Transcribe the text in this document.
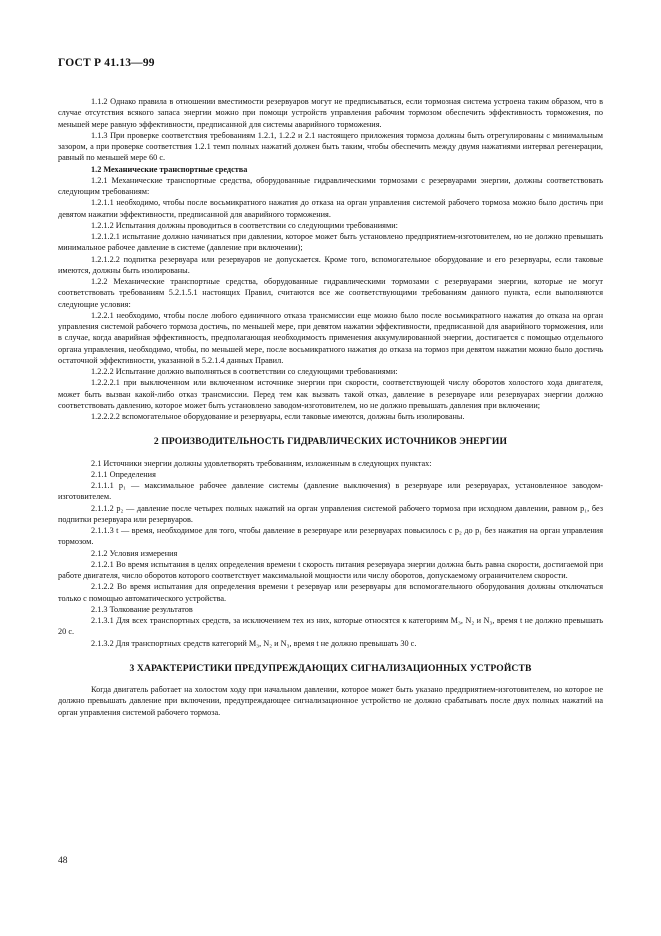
ГОСТ Р 41.13—99

1.1.2 Однако правила в отношении вместимости резервуаров могут не предписываться, если тормозная система устроена таким образом, что в случае отсутствия всякого запаса энергии можно при помощи устройств управления рабочим тормозом обеспечить эффективность торможения, по меньшей мере равную эффективности, предписанной для системы аварийного торможения.

1.1.3 При проверке соответствия требованиям 1.2.1, 1.2.2 и 2.1 настоящего приложения тормоза должны быть отрегулированы с минимальным зазором, а при проверке соответствия 1.2.1 темп полных нажатий должен быть таким, чтобы обеспечить между двумя нажатиями интервал регенерации, равный по меньшей мере 60 с.

1.2 Механические транспортные средства

1.2.1 Механические транспортные средства, оборудованные гидравлическими тормозами с резервуарами энергии, должны соответствовать следующим требованиям:

1.2.1.1 необходимо, чтобы после восьмикратного нажатия до отказа на орган управления системой рабочего тормоза можно было достичь при девятом нажатии эффективности, предписанной для аварийного торможения.

1.2.1.2 Испытания должны проводиться в соответствии со следующими требованиями:

1.2.1.2.1 испытание должно начинаться при давлении, которое может быть установлено предприятием-изготовителем, но не должно превышать минимальное рабочее давление в системе (давление при включении);

1.2.1.2.2 подпитка резервуара или резервуаров не допускается. Кроме того, вспомогательное оборудование и его резервуары, если таковые имеются, должны быть изолированы.

1.2.2 Механические транспортные средства, оборудованные гидравлическими тормозами с резервуарами энергии, которые не могут соответствовать требованиям 5.2.1.5.1 настоящих Правил, считаются все же соответствующими требованиям данного пункта, если выполняются следующие условия:

1.2.2.1 необходимо, чтобы после любого единичного отказа трансмиссии еще можно было после восьмикратного нажатия до отказа на орган управления системой рабочего тормоза достичь, по меньшей мере, при девятом нажатии эффективности, предписанной для аварийного торможения, или в случае, когда аварийная эффективность, предполагающая необходимость применения аккумулированной энергии, достигается с помощью отдельного органа управления, необходимо, чтобы, по меньшей мере, после восьмикратного нажатия до отказа на тормоз при девятом нажатии можно было достичь остаточной эффективности, указанной в 5.2.1.4 данных Правил.

1.2.2.2 Испытание должно выполняться в соответствии со следующими требованиями:

1.2.2.2.1 при выключенном или включенном источнике энергии при скорости, соответствующей числу оборотов холостого хода двигателя, может быть вызван какой-либо отказ трансмиссии. Перед тем как вызвать такой отказ, давление в резервуаре или резервуарах энергии должно соответствовать давлению, которое может быть установлено заводом-изготовителем, но не должно превышать давления при включении;

1.2.2.2.2 вспомогательное оборудование и резервуары, если таковые имеются, должны быть изолированы.

2 ПРОИЗВОДИТЕЛЬНОСТЬ ГИДРАВЛИЧЕСКИХ ИСТОЧНИКОВ ЭНЕРГИИ

2.1 Источники энергии должны удовлетворять требованиям, изложенным в следующих пунктах:

2.1.1 Определения

2.1.1.1 p₁ — максимальное рабочее давление системы (давление выключения) в резервуаре или резервуарах, установленное заводом-изготовителем.

2.1.1.2 p₂ — давление после четырех полных нажатий на орган управления системой рабочего тормоза при исходном давлении, равном p₁, без подпитки резервуара или резервуаров.

2.1.1.3 t — время, необходимое для того, чтобы давление в резервуаре или резервуарах повысилось с p₂ до p₁ без нажатия на орган управления тормозом.

2.1.2 Условия измерения

2.1.2.1 Во время испытания в целях определения времени t скорость питания резервуара энергии должна быть равна скорости, достигаемой при работе двигателя, число оборотов которого соответствует максимальной мощности или числу оборотов, допускаемому ограничителем скорости.

2.1.2.2 Во время испытания для определения времени t резервуар или резервуары для вспомогательного оборудования должны отключаться только с помощью автоматического устройства.

2.1.3 Толкование результатов

2.1.3.1 Для всех транспортных средств, за исключением тех из них, которые относятся к категориям M₃, N₂ и N₃, время t не должно превышать 20 с.

2.1.3.2 Для транспортных средств категорий M₃, N₂ и N₃, время t не должно превышать 30 с.

3 ХАРАКТЕРИСТИКИ ПРЕДУПРЕЖДАЮЩИХ СИГНАЛИЗАЦИОННЫХ УСТРОЙСТВ

Когда двигатель работает на холостом ходу при начальном давлении, которое может быть указано предприятием-изготовителем, но которое не должно превышать давление при включении, предупреждающее сигнализационное устройство не должно срабатывать после двух полных нажатий на орган управления системой рабочего тормоза.

48
